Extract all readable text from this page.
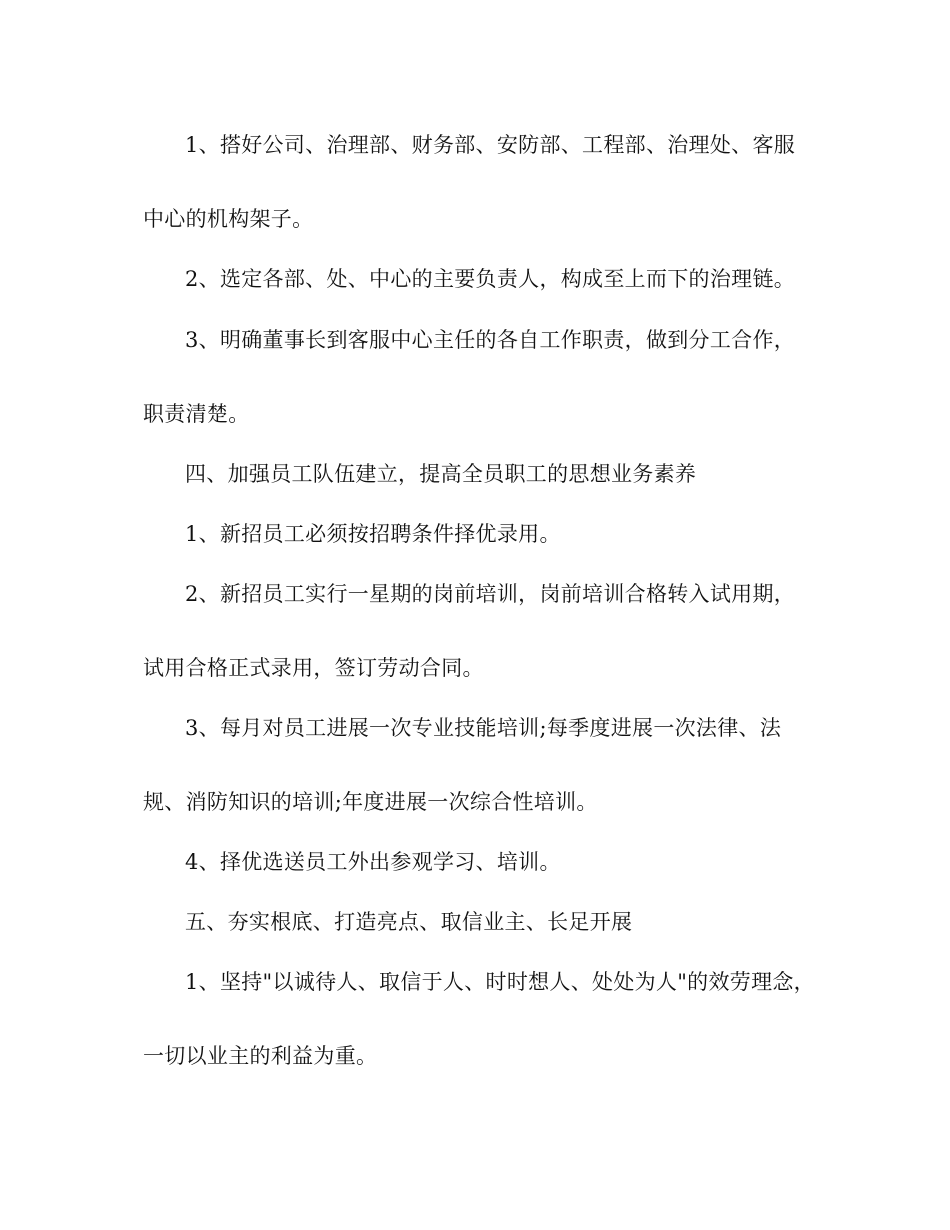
1、搭好公司、治理部、财务部、安防部、工程部、治理处、客服
中心的机构架子。
2、选定各部、处、中心的主要负责人，构成至上而下的治理链。
3、明确董事长到客服中心主任的各自工作职责，做到分工合作，
职责清楚。
四、加强员工队伍建立，提高全员职工的思想业务素养
1、新招员工必须按招聘条件择优录用。
2、新招员工实行一星期的岗前培训，岗前培训合格转入试用期，
试用合格正式录用，签订劳动合同。
3、每月对员工进展一次专业技能培训;每季度进展一次法律、法
规、消防知识的培训;年度进展一次综合性培训。
4、择优选送员工外出参观学习、培训。
五、夯实根底、打造亮点、取信业主、长足开展
1、坚持"以诚待人、取信于人、时时想人、处处为人"的效劳理念，
一切以业主的利益为重。
